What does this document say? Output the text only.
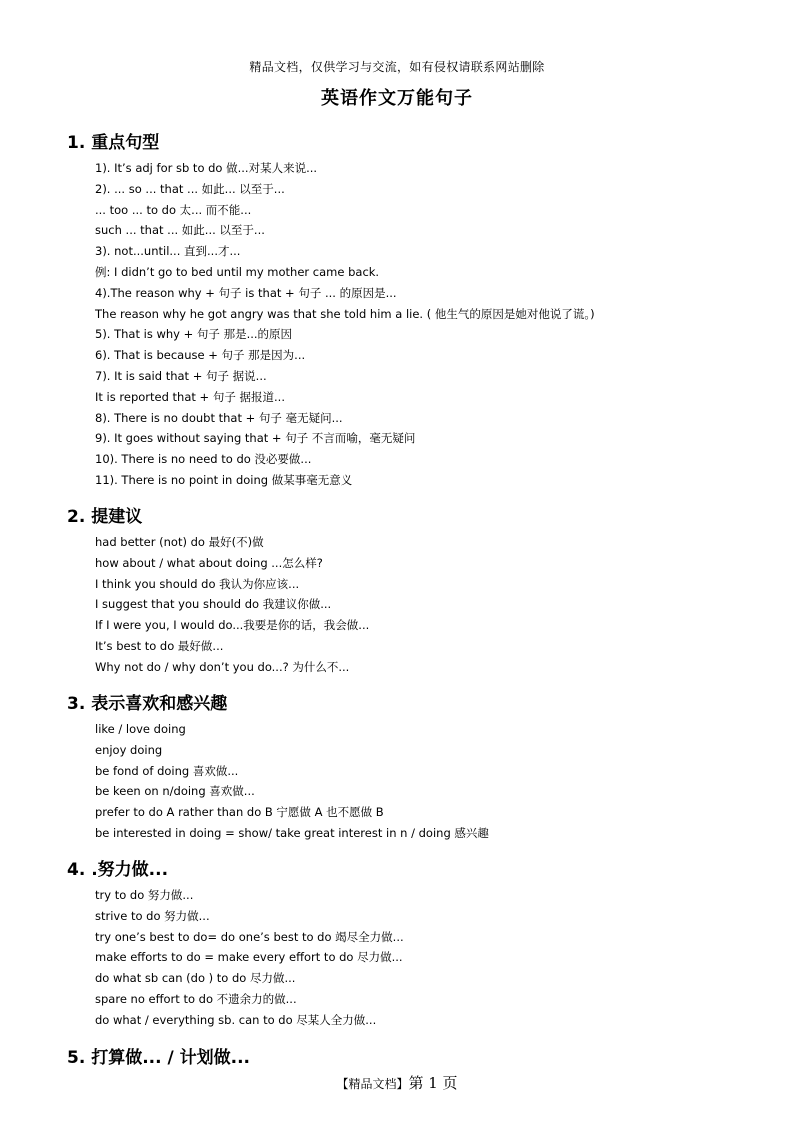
精品文档，仅供学习与交流，如有侵权请联系网站删除
英语作文万能句子
1. 重点句型
1). It’s adj for sb to do 做...对某人来说...
2). ... so ... that ... 如此... 以至于...
... too ... to do 太... 而不能...
such ... that ... 如此... 以至于...
3). not...until... 直到...才...
例: I didn’t go to bed until my mother came back.
4).The reason why + 句子 is that + 句子 ... 的原因是...
The reason why he got angry was that she told him a lie. ( 他生气的原因是她对他说了谎。)
5). That is why + 句子 那是...的原因
6). That is because + 句子 那是因为...
7). It is said that + 句子 据说...
It is reported that + 句子 据报道...
8). There is no doubt that + 句子 毫无疑问...
9). It goes without saying that + 句子 不言而喻，毫无疑问
10). There is no need to do 没必要做...
11). There is no point in doing 做某事毫无意义
2. 提建议
had better (not) do 最好(不)做
how about / what about doing ...怎么样?
I think you should do 我认为你应该...
I suggest that you should do 我建议你做...
If I were you, I would do...我要是你的话，我会做...
It’s best to do 最好做...
Why not do / why don’t you do...? 为什么不...
3. 表示喜欢和感兴趣
like / love doing
enjoy doing
be fond of doing 喜欢做...
be keen on n/doing 喜欢做...
prefer to do A rather than do B 宁愿做 A 也不愿做 B
be interested in doing = show/ take great interest in n / doing 感兴趣
4. .努力做...
try to do 努力做...
strive to do 努力做...
try one’s best to do= do one’s best to do 竭尽全力做...
make efforts to do = make every effort to do 尽力做...
do what sb can (do ) to do 尽力做...
spare no effort to do 不遗余力的做...
do what / everything sb. can to do 尽某人全力做...
5. 打算做... / 计划做...
【精品文档】第 1 页
